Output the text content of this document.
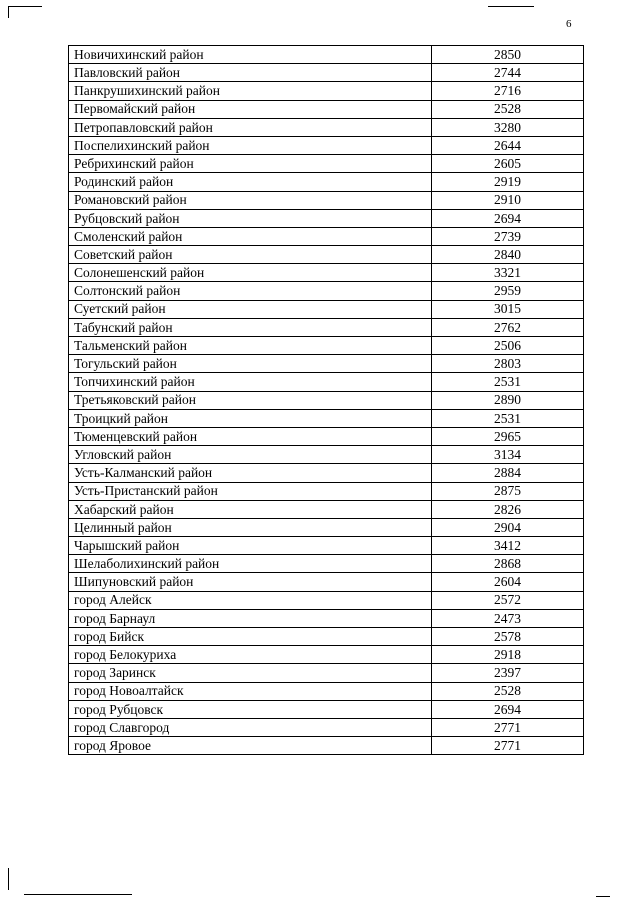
6
Новичихинский район	2850
Павловский район	2744
Панкрушихинский район	2716
Первомайский район	2528
Петропавловский район	3280
Поспелихинский район	2644
Ребрихинский район	2605
Родинский район	2919
Романовский район	2910
Рубцовский район	2694
Смоленский район	2739
Советский район	2840
Солонешенский район	3321
Солтонский район	2959
Суетский район	3015
Табунский район	2762
Тальменский район	2506
Тогульский район	2803
Топчихинский район	2531
Третьяковский район	2890
Троицкий район	2531
Тюменцевский район	2965
Угловский район	3134
Усть-Калманский район	2884
Усть-Пристанский район	2875
Хабарский район	2826
Целинный район	2904
Чарышский район	3412
Шелаболихинский район	2868
Шипуновский район	2604
город Алейск	2572
город Барнаул	2473
город Бийск	2578
город Белокуриха	2918
город Заринск	2397
город Новоалтайск	2528
город Рубцовск	2694
город Славгород	2771
город Яровое	2771
